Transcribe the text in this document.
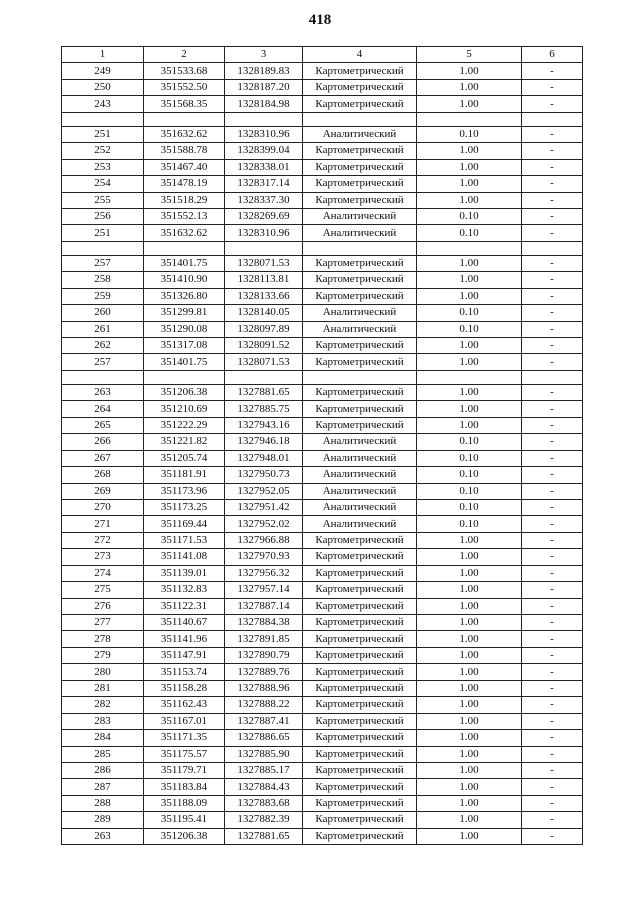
418
1	2	3	4	5	6
249	351533.68	1328189.83	Картометрический	1.00	-
250	351552.50	1328187.20	Картометрический	1.00	-
243	351568.35	1328184.98	Картометрический	1.00	-

251	351632.62	1328310.96	Аналитический	0.10	-
252	351588.78	1328399.04	Картометрический	1.00	-
253	351467.40	1328338.01	Картометрический	1.00	-
254	351478.19	1328317.14	Картометрический	1.00	-
255	351518.29	1328337.30	Картометрический	1.00	-
256	351552.13	1328269.69	Аналитический	0.10	-
251	351632.62	1328310.96	Аналитический	0.10	-

257	351401.75	1328071.53	Картометрический	1.00	-
258	351410.90	1328113.81	Картометрический	1.00	-
259	351326.80	1328133.66	Картометрический	1.00	-
260	351299.81	1328140.05	Аналитический	0.10	-
261	351290.08	1328097.89	Аналитический	0.10	-
262	351317.08	1328091.52	Картометрический	1.00	-
257	351401.75	1328071.53	Картометрический	1.00	-

263	351206.38	1327881.65	Картометрический	1.00	-
264	351210.69	1327885.75	Картометрический	1.00	-
265	351222.29	1327943.16	Картометрический	1.00	-
266	351221.82	1327946.18	Аналитический	0.10	-
267	351205.74	1327948.01	Аналитический	0.10	-
268	351181.91	1327950.73	Аналитический	0.10	-
269	351173.96	1327952.05	Аналитический	0.10	-
270	351173.25	1327951.42	Аналитический	0.10	-
271	351169.44	1327952.02	Аналитический	0.10	-
272	351171.53	1327966.88	Картометрический	1.00	-
273	351141.08	1327970.93	Картометрический	1.00	-
274	351139.01	1327956.32	Картометрический	1.00	-
275	351132.83	1327957.14	Картометрический	1.00	-
276	351122.31	1327887.14	Картометрический	1.00	-
277	351140.67	1327884.38	Картометрический	1.00	-
278	351141.96	1327891.85	Картометрический	1.00	-
279	351147.91	1327890.79	Картометрический	1.00	-
280	351153.74	1327889.76	Картометрический	1.00	-
281	351158.28	1327888.96	Картометрический	1.00	-
282	351162.43	1327888.22	Картометрический	1.00	-
283	351167.01	1327887.41	Картометрический	1.00	-
284	351171.35	1327886.65	Картометрический	1.00	-
285	351175.57	1327885.90	Картометрический	1.00	-
286	351179.71	1327885.17	Картометрический	1.00	-
287	351183.84	1327884.43	Картометрический	1.00	-
288	351188.09	1327883.68	Картометрический	1.00	-
289	351195.41	1327882.39	Картометрический	1.00	-
263	351206.38	1327881.65	Картометрический	1.00	-
